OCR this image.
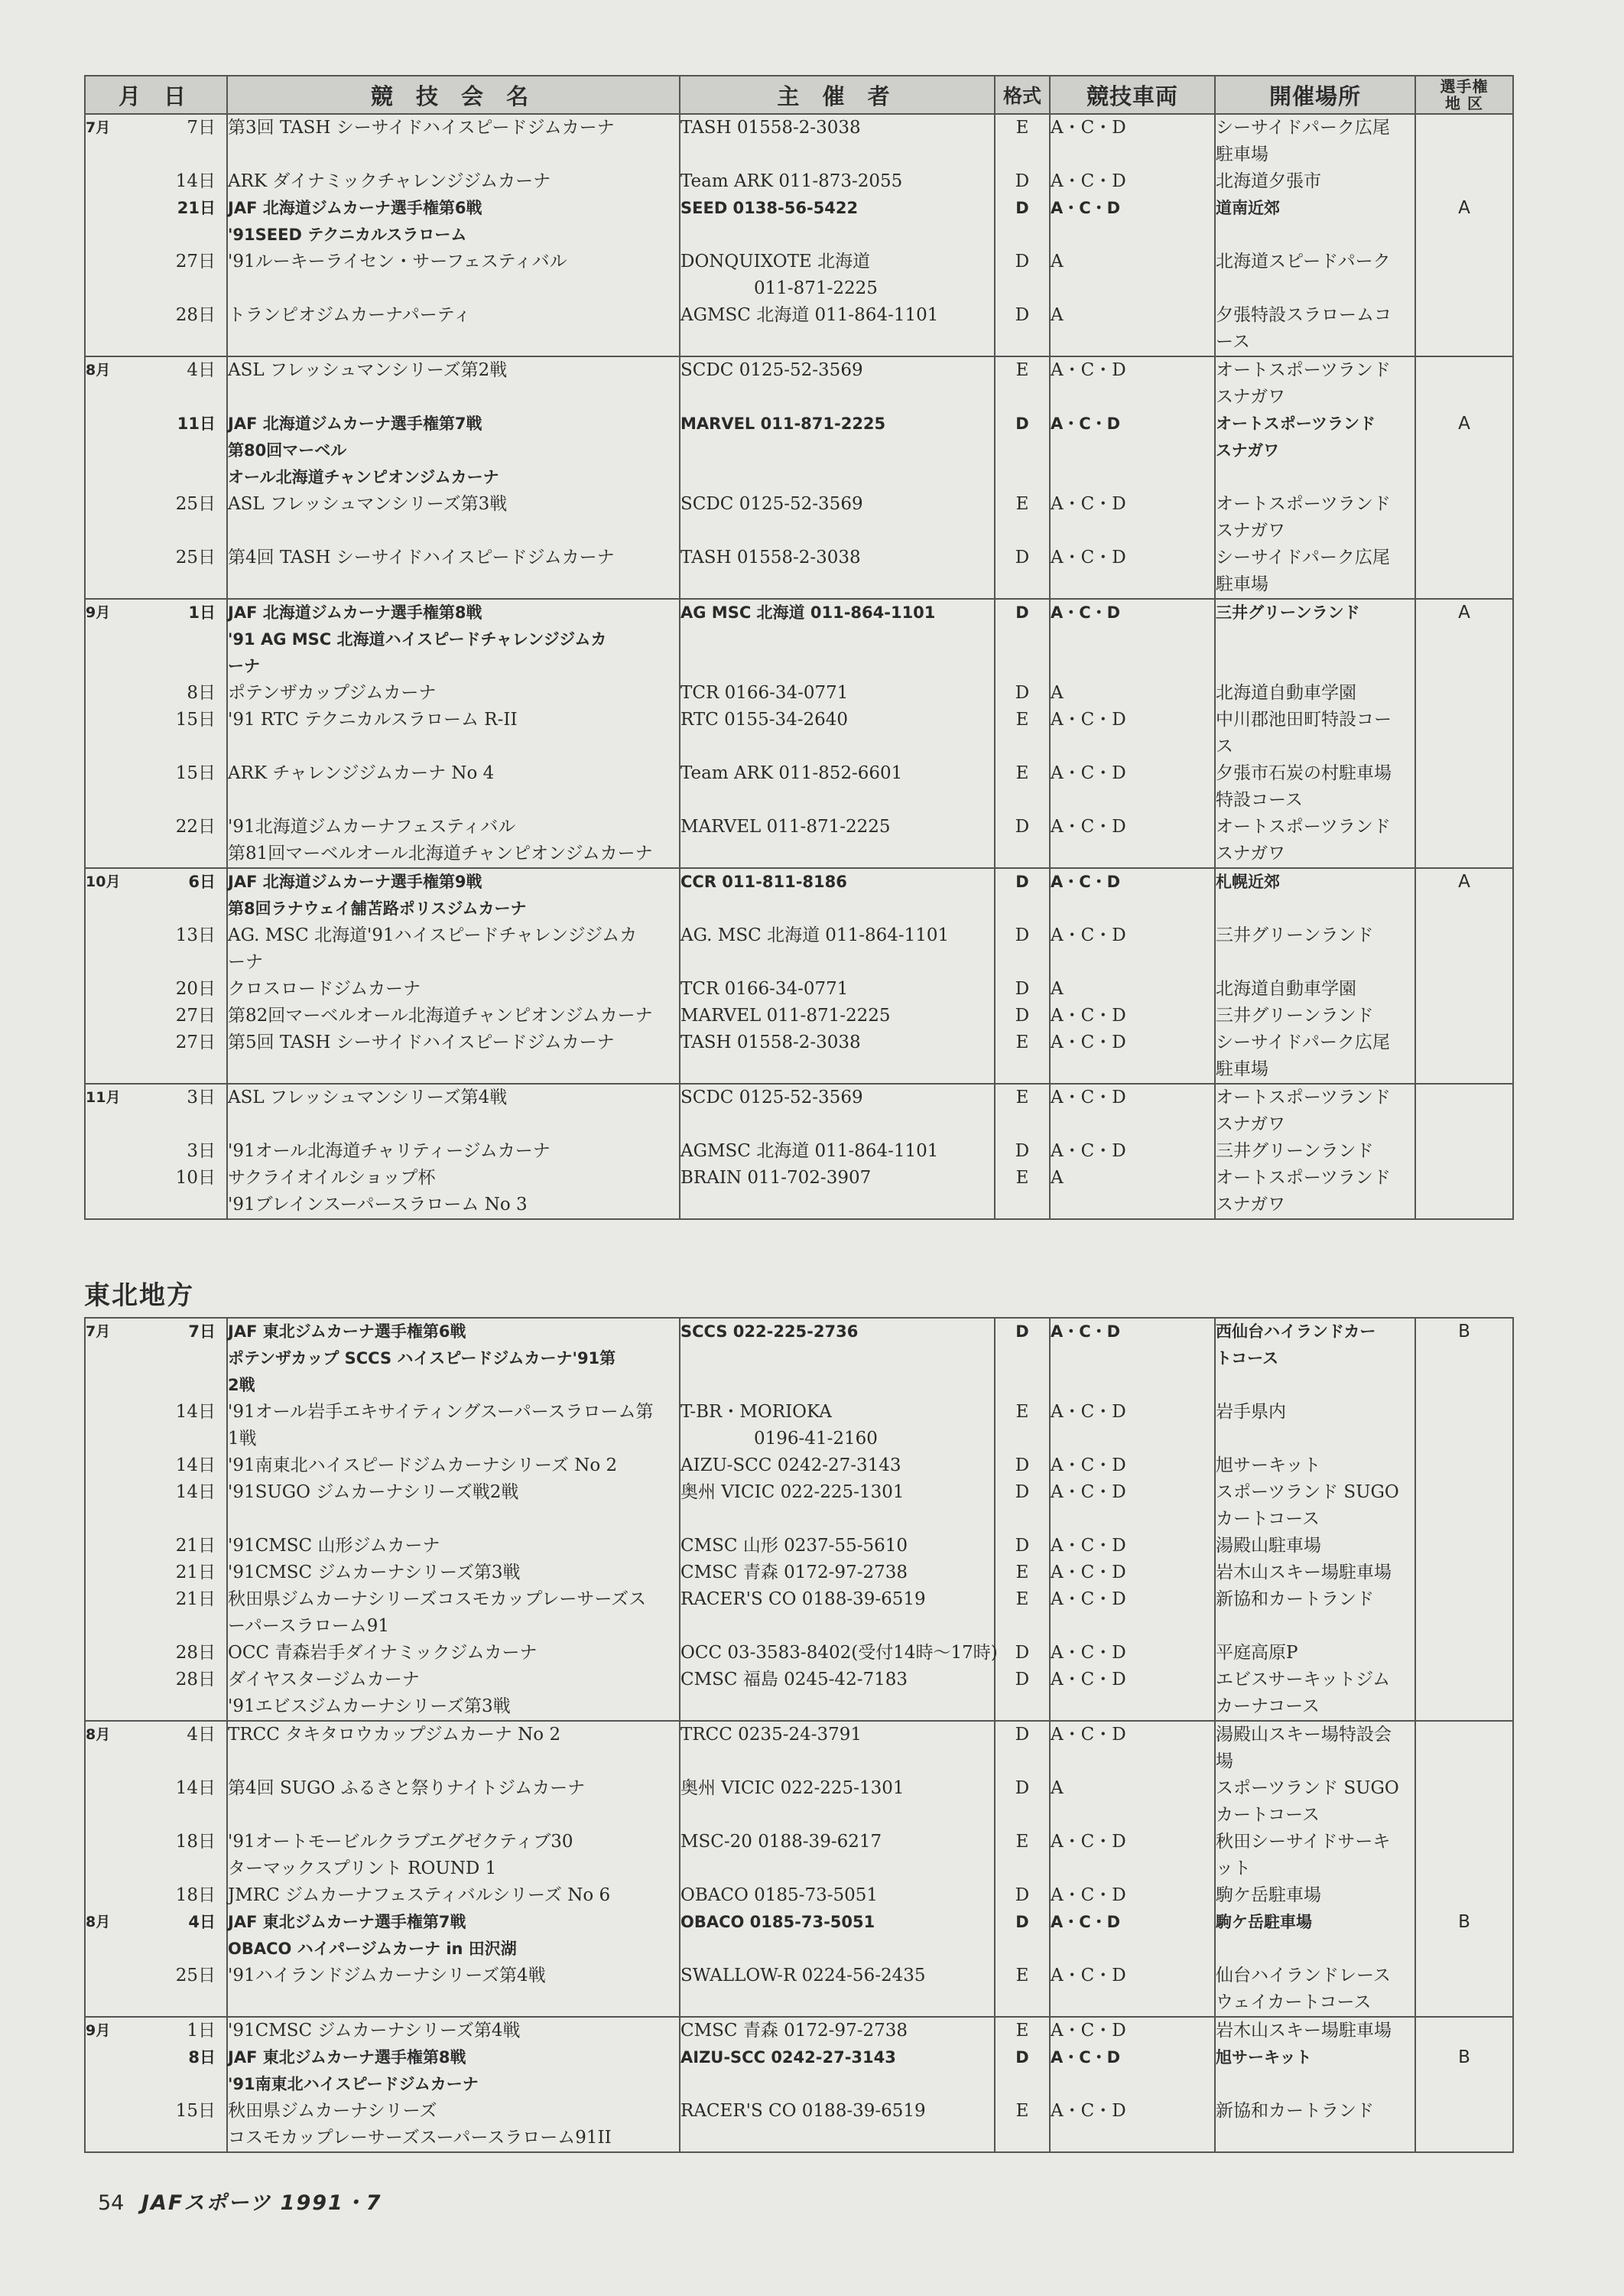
月 日	競 技 会 名	主 催 者	格式	競技車両	開催場所	選手権
地 区

7月 7日	第3回 TASH シーサイドハイスピードジムカーナ	TASH 01558-2-3038	E	A・C・D	シーサイドパーク広尾
駐車場	

14日	ARK ダイナミックチャレンジジムカーナ	Team ARK 011-873-2055	D	A・C・D	北海道夕張市	

21日	JAF 北海道ジムカーナ選手権第6戦
'91SEED テクニカルスラローム	SEED 0138-56-5422	D	A・C・D	道南近郊	A

27日	'91ルーキーライセン・サーフェスティバル	DONQUIXOTE 北海道
011-871-2225	D	A	北海道スピードパーク	

28日	トランピオジムカーナパーティ	AGMSC 北海道 011-864-1101	D	A	夕張特設スラロームコ
ース	

8月 4日	ASL フレッシュマンシリーズ第2戦	SCDC 0125-52-3569	E	A・C・D	オートスポーツランド
スナガワ	

11日	JAF 北海道ジムカーナ選手権第7戦
第80回マーベル
オール北海道チャンピオンジムカーナ	MARVEL 011-871-2225	D	A・C・D	オートスポーツランド
スナガワ	A

25日	ASL フレッシュマンシリーズ第3戦	SCDC 0125-52-3569	E	A・C・D	オートスポーツランド
スナガワ	

25日	第4回 TASH シーサイドハイスピードジムカーナ	TASH 01558-2-3038	D	A・C・D	シーサイドパーク広尾
駐車場	

9月 1日	JAF 北海道ジムカーナ選手権第8戦
'91 AG MSC 北海道ハイスピードチャレンジジムカ
ーナ	AG MSC 北海道 011-864-1101	D	A・C・D	三井グリーンランド	A

8日	ポテンザカップジムカーナ	TCR 0166-34-0771	D	A	北海道自動車学園	

15日	'91 RTC テクニカルスラローム R-II	RTC 0155-34-2640	E	A・C・D	中川郡池田町特設コー
ス	

15日	ARK チャレンジジムカーナ No 4	Team ARK 011-852-6601	E	A・C・D	夕張市石炭の村駐車場
特設コース	

22日	'91北海道ジムカーナフェスティバル
第81回マーベルオール北海道チャンピオンジムカーナ	MARVEL 011-871-2225	D	A・C・D	オートスポーツランド
スナガワ	

10月 6日	JAF 北海道ジムカーナ選手権第9戦
第8回ラナウェイ舗苫路ポリスジムカーナ	CCR 011-811-8186	D	A・C・D	札幌近郊	A

13日	AG. MSC 北海道'91ハイスピードチャレンジジムカ
ーナ	AG. MSC 北海道 011-864-1101	D	A・C・D	三井グリーンランド	

20日	クロスロードジムカーナ	TCR 0166-34-0771	D	A	北海道自動車学園	

27日	第82回マーベルオール北海道チャンピオンジムカーナ	MARVEL 011-871-2225	D	A・C・D	三井グリーンランド	

27日	第5回 TASH シーサイドハイスピードジムカーナ	TASH 01558-2-3038	E	A・C・D	シーサイドパーク広尾
駐車場	

11月 3日	ASL フレッシュマンシリーズ第4戦	SCDC 0125-52-3569	E	A・C・D	オートスポーツランド
スナガワ	

3日	'91オール北海道チャリティージムカーナ	AGMSC 北海道 011-864-1101	D	A・C・D	三井グリーンランド	

10日	サクライオイルショップ杯
'91ブレインスーパースラローム No 3	BRAIN 011-702-3907	E	A	オートスポーツランド
スナガワ	

東北地方
7月 7日	JAF 東北ジムカーナ選手権第6戦
ポテンザカップ SCCS ハイスピードジムカーナ'91第
2戦	SCCS 022-225-2736	D	A・C・D	西仙台ハイランドカー
トコース	B

14日	'91オール岩手エキサイティングスーパースラローム第
1戦	T-BR・MORIOKA
0196-41-2160	E	A・C・D	岩手県内	

14日	'91南東北ハイスピードジムカーナシリーズ No 2	AIZU-SCC 0242-27-3143	D	A・C・D	旭サーキット	

14日	'91SUGO ジムカーナシリーズ戦2戦	奥州 VICIC 022-225-1301	D	A・C・D	スポーツランド SUGO
カートコース	

21日	'91CMSC 山形ジムカーナ	CMSC 山形 0237-55-5610	D	A・C・D	湯殿山駐車場	

21日	'91CMSC ジムカーナシリーズ第3戦	CMSC 青森 0172-97-2738	E	A・C・D	岩木山スキー場駐車場	

21日	秋田県ジムカーナシリーズコスモカップレーサーズス
ーパースラローム91	RACER'S CO 0188-39-6519	E	A・C・D	新協和カートランド	

28日	OCC 青森岩手ダイナミックジムカーナ	OCC 03-3583-8402(受付14時〜17時)	D	A・C・D	平庭高原P	

28日	ダイヤスタージムカーナ
'91エビスジムカーナシリーズ第3戦	CMSC 福島 0245-42-7183	D	A・C・D	エビスサーキットジム
カーナコース	

8月 4日	TRCC タキタロウカップジムカーナ No 2	TRCC 0235-24-3791	D	A・C・D	湯殿山スキー場特設会
場	

14日	第4回 SUGO ふるさと祭りナイトジムカーナ	奥州 VICIC 022-225-1301	D	A	スポーツランド SUGO
カートコース	

18日	'91オートモービルクラブエグゼクティブ30
ターマックスプリント ROUND 1	MSC-20 0188-39-6217	E	A・C・D	秋田シーサイドサーキ
ット	

18日	JMRC ジムカーナフェスティバルシリーズ No 6	OBACO 0185-73-5051	D	A・C・D	駒ケ岳駐車場	

8月 4日	JAF 東北ジムカーナ選手権第7戦
OBACO ハイパージムカーナ in 田沢湖	OBACO 0185-73-5051	D	A・C・D	駒ケ岳駐車場	B

25日	'91ハイランドジムカーナシリーズ第4戦	SWALLOW-R 0224-56-2435	E	A・C・D	仙台ハイランドレース
ウェイカートコース	

9月 1日	'91CMSC ジムカーナシリーズ第4戦	CMSC 青森 0172-97-2738	E	A・C・D	岩木山スキー場駐車場	

8日	JAF 東北ジムカーナ選手権第8戦
'91南東北ハイスピードジムカーナ	AIZU-SCC 0242-27-3143	D	A・C・D	旭サーキット	B

15日	秋田県ジムカーナシリーズ
コスモカップレーサーズスーパースラローム91II	RACER'S CO 0188-39-6519	E	A・C・D	新協和カートランド	

54 JAFスポーツ 1991・7
